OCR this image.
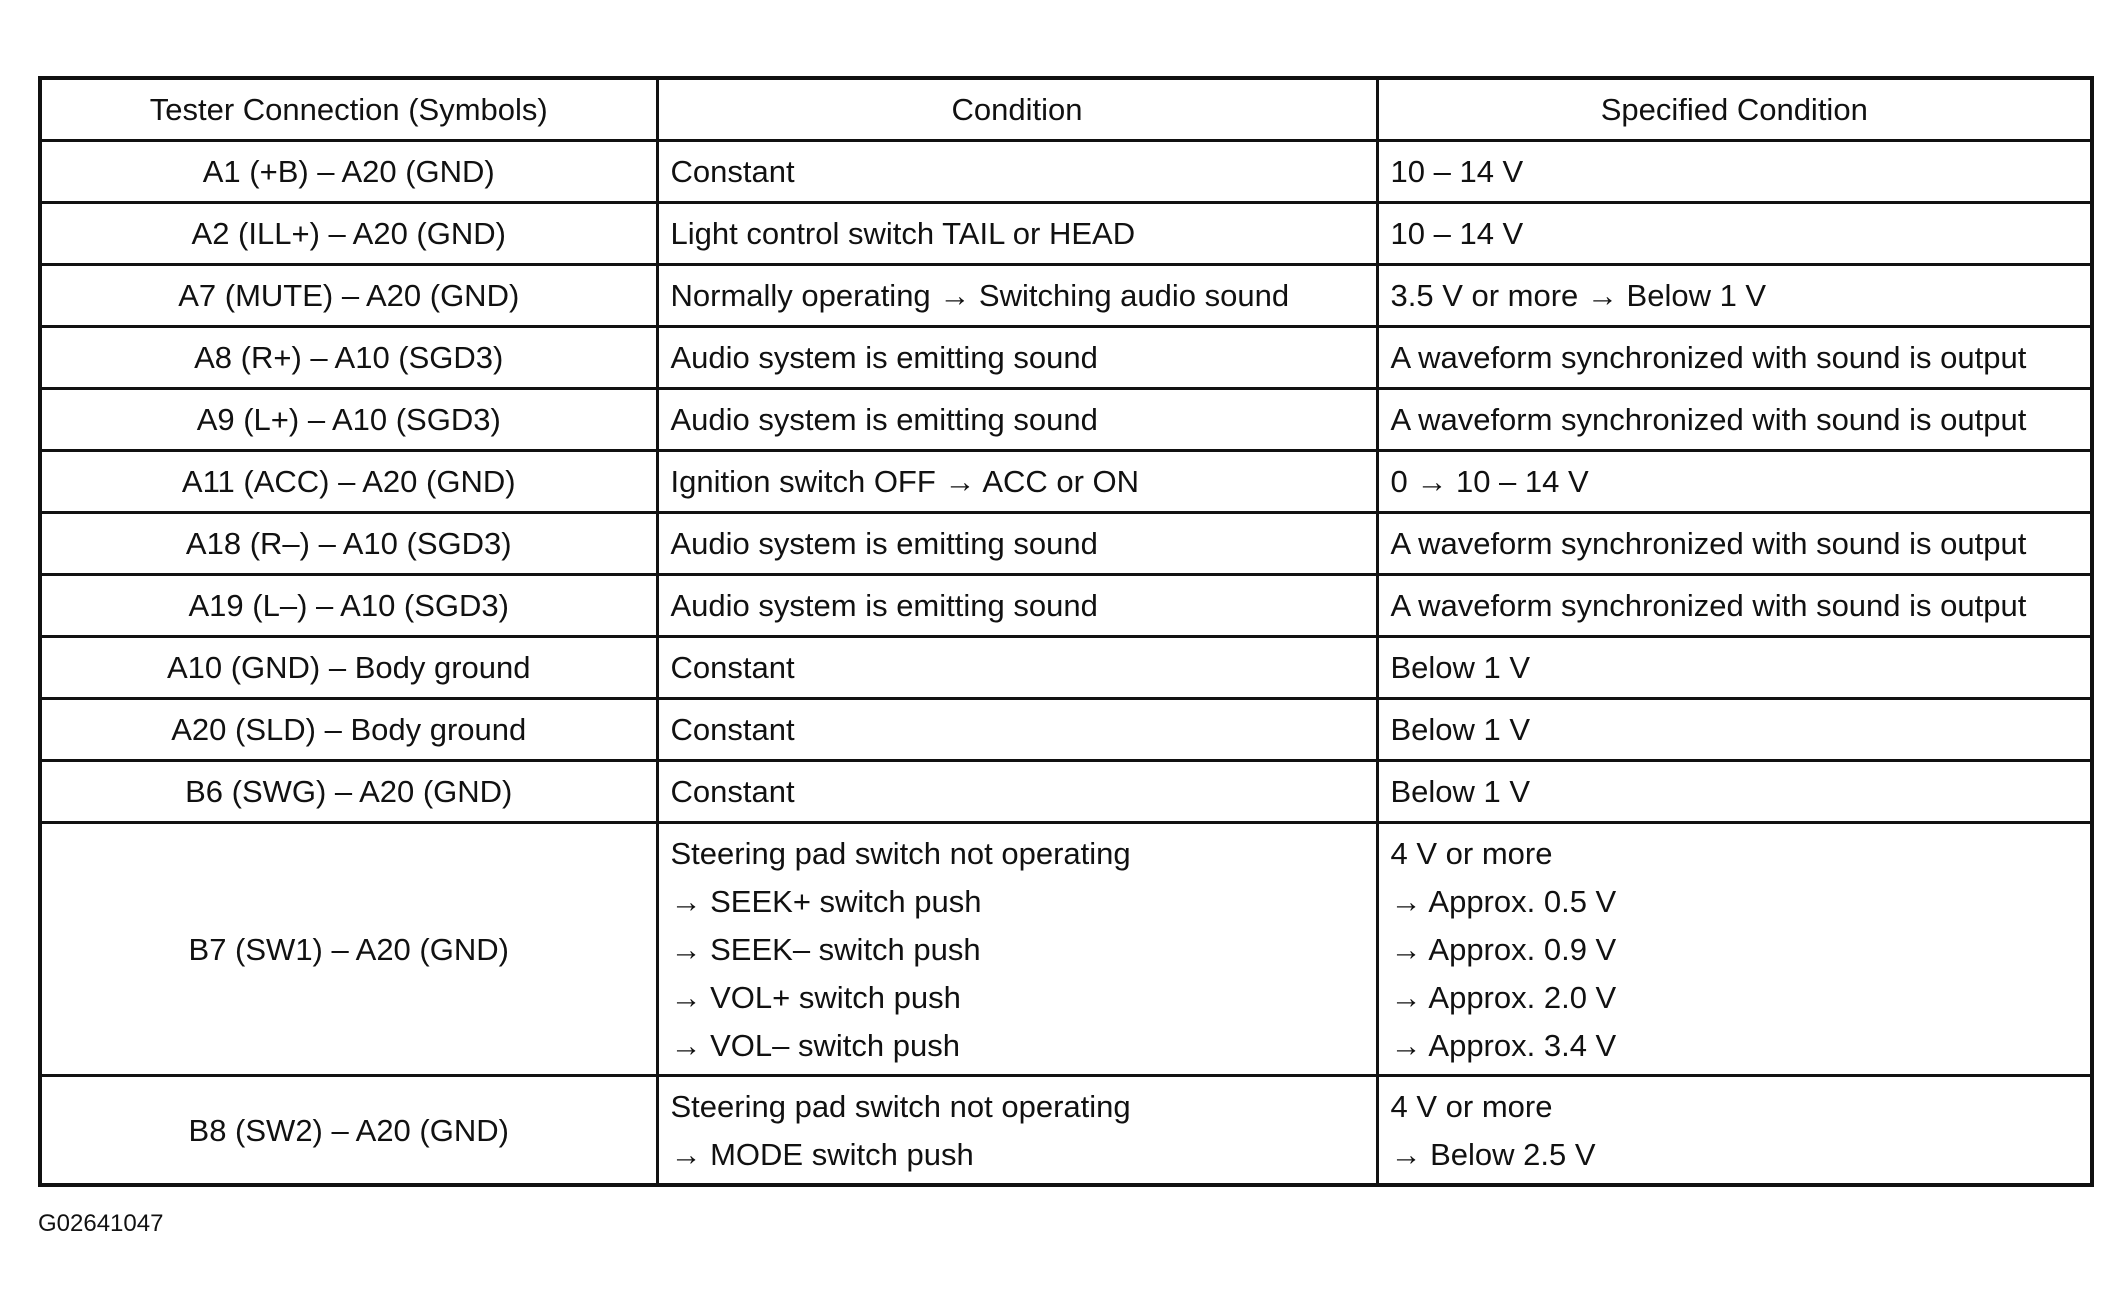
Tester Connection (Symbols)	Condition	Specified Condition
A1 (+B) – A20 (GND)	Constant	10 – 14 V

A2 (ILL+) – A20 (GND)	Light control switch TAIL or HEAD	10 – 14 V

A7 (MUTE) – A20 (GND)	Normally operating → Switching audio sound	3.5 V or more → Below 1 V

A8 (R+) – A10 (SGD3)	Audio system is emitting sound	A waveform synchronized with sound is output

A9 (L+) – A10 (SGD3)	Audio system is emitting sound	A waveform synchronized with sound is output

A11 (ACC) – A20 (GND)	Ignition switch OFF → ACC or ON	0 → 10 – 14 V

A18 (R–) – A10 (SGD3)	Audio system is emitting sound	A waveform synchronized with sound is output

A19 (L–) – A10 (SGD3)	Audio system is emitting sound	A waveform synchronized with sound is output

A10 (GND) – Body ground	Constant	Below 1 V

A20 (SLD) – Body ground	Constant	Below 1 V

B6 (SWG) – A20 (GND)	Constant	Below 1 V

B7 (SW1) – A20 (GND)	Steering pad switch not operating
→ SEEK+ switch push
→ SEEK– switch push
→ VOL+ switch push
→ VOL– switch push	4 V or more
→ Approx. 0.5 V
→ Approx. 0.9 V
→ Approx. 2.0 V
→ Approx. 3.4 V

B8 (SW2) – A20 (GND)	Steering pad switch not operating
→ MODE switch push	4 V or more
→ Below 2.5 V
G02641047
